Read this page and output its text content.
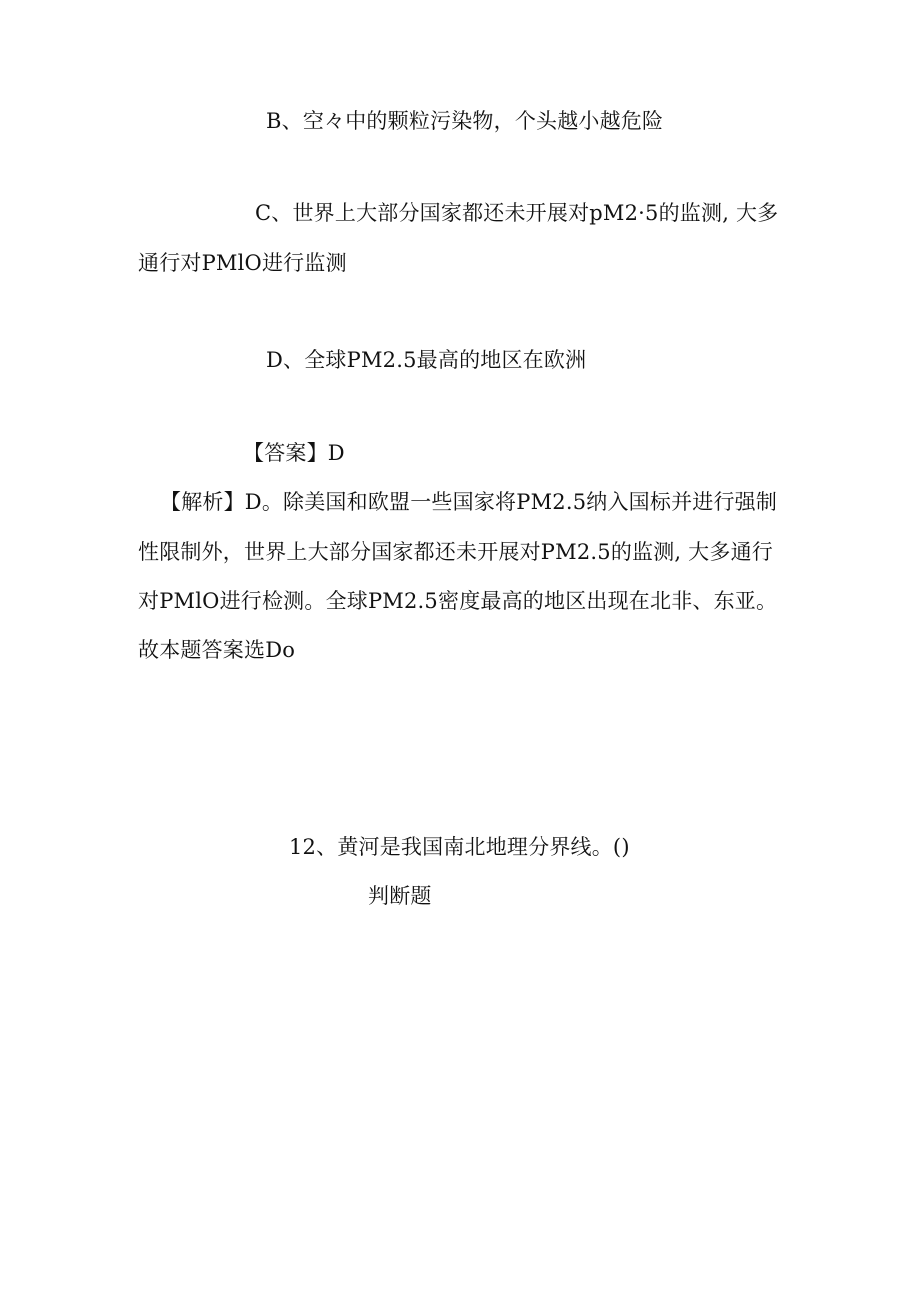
B、空々中的颗粒污染物，个头越小越危险
C、世界上大部分国家都还未开展对pM2·5的监测, 大多
通行对PMlO进行监测
D、全球PM2.5最高的地区在欧洲
【答案】D
【解析】D。除美国和欧盟一些国家将PM2.5纳入国标并进行强制
性限制外，世界上大部分国家都还未开展对PM2.5的监测, 大多通行
对PMlO进行检测。全球PM2.5密度最高的地区出现在北非、东亚。
故本题答案选Do
12、黄河是我国南北地理分界线。()
判断题
